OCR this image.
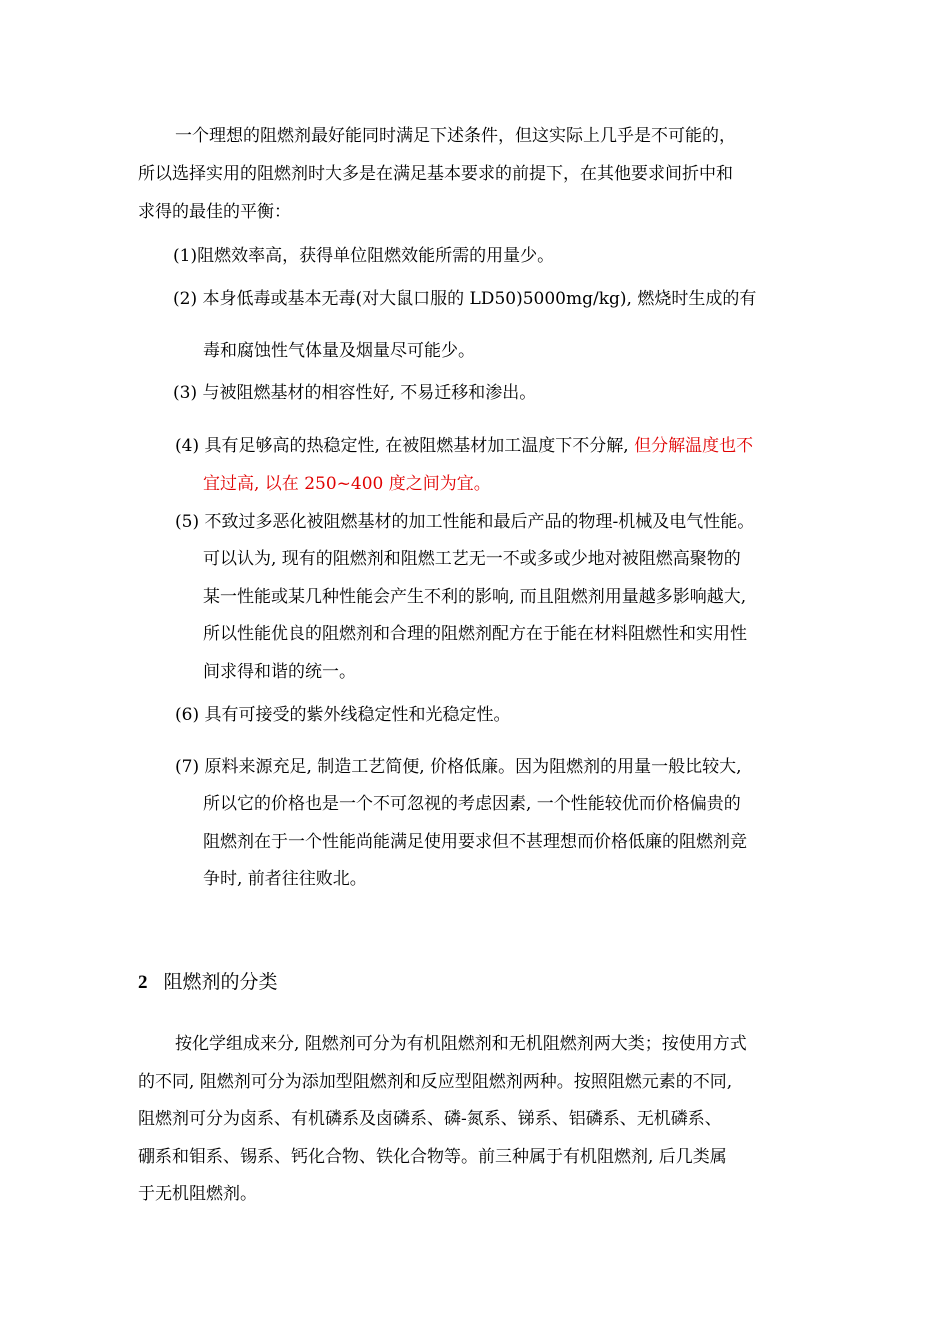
一个理想的阻燃剂最好能同时满足下述条件，但这实际上几乎是不可能的，
所以选择实用的阻燃剂时大多是在满足基本要求的前提下，在其他要求间折中和
求得的最佳的平衡：
(1)阻燃效率高，获得单位阻燃效能所需的用量少。
(2) 本身低毒或基本无毒(对大鼠口服的 LD50)5000mg/kg), 燃烧时生成的有
毒和腐蚀性气体量及烟量尽可能少。
(3) 与被阻燃基材的相容性好, 不易迁移和渗出。
(4) 具有足够高的热稳定性, 在被阻燃基材加工温度下不分解, 但分解温度也不
宜过高, 以在 250~400 度之间为宜。
(5) 不致过多恶化被阻燃基材的加工性能和最后产品的物理-机械及电气性能。
可以认为, 现有的阻燃剂和阻燃工艺无一不或多或少地对被阻燃高聚物的
某一性能或某几种性能会产生不利的影响, 而且阻燃剂用量越多影响越大,
所以性能优良的阻燃剂和合理的阻燃剂配方在于能在材料阻燃性和实用性
间求得和谐的统一。
(6) 具有可接受的紫外线稳定性和光稳定性。
(7) 原料来源充足, 制造工艺简便, 价格低廉。因为阻燃剂的用量一般比较大,
所以它的价格也是一个不可忽视的考虑因素, 一个性能较优而价格偏贵的
阻燃剂在于一个性能尚能满足使用要求但不甚理想而价格低廉的阻燃剂竞
争时, 前者往往败北。
2 阻燃剂的分类
按化学组成来分, 阻燃剂可分为有机阻燃剂和无机阻燃剂两大类；按使用方式
的不同, 阻燃剂可分为添加型阻燃剂和反应型阻燃剂两种。按照阻燃元素的不同,
阻燃剂可分为卤系、有机磷系及卤磷系、磷-氮系、锑系、铝磷系、无机磷系、
硼系和钼系、锡系、钙化合物、铁化合物等。前三种属于有机阻燃剂, 后几类属
于无机阻燃剂。
